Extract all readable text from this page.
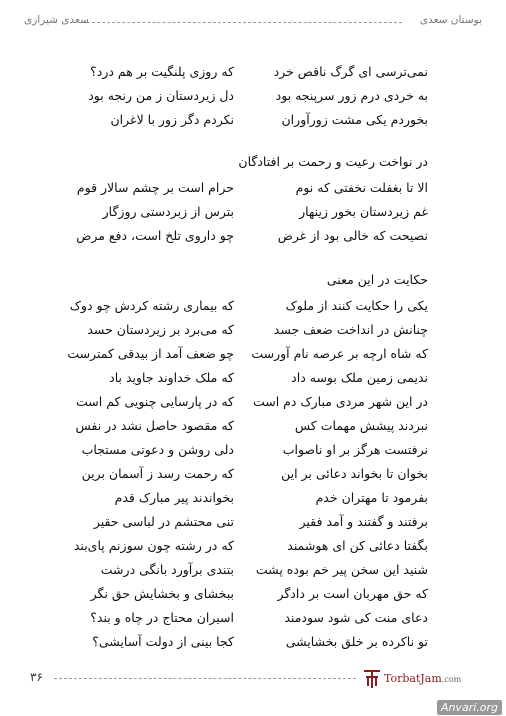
بوستان سعدی
سعدی شیرازی
نمی‌ترسی ای گرگ ناقص خرد
که روزی پلنگیت بر هم درد؟
به خردی درم زور سرپنجه بود
دل زیردستان ز من رنجه بود
بخوردم یکی مشت زورآوران
نکردم دگر زور با لاغران
در نواخت رعیت و رحمت بر افتادگان
الا تا بغفلت نخفتی که نوم
حرام است بر چشم سالار قوم
غم زیردستان بخور زینهار
بترس از زبردستی روزگار
نصیحت که خالی بود از غرض
چو داروی تلخ است، دفع مرض
حکایت در این معنی
یکی را حکایت کنند از ملوک
که بیماری رشته کردش چو دوک
چنانش در انداخت ضعف جسد
که می‌برد بر زیردستان حسد
که شاه ارچه بر عرصه نام آورست
چو ضعف آمد از بیدقی کمترست
ندیمی زمین ملک بوسه داد
که ملک خداوند جاوید باد
در این شهر مردی مبارک دم است
که در پارسایی چنویی کم است
نبردند پیشش مهمات کس
که مقصود حاصل نشد در نفس
نرفتست هرگز بر او ناصواب
دلی روشن و دعوتی مستجاب
بخوان تا بخواند دعائی بر این
که رحمت رسد ز آسمان برین
بفرمود تا مهتران خدم
بخواندند پیر مبارک قدم
برفتند و گفتند و آمد فقیر
تنی محتشم در لباسی حقیر
بگفتا دعائی کن ای هوشمند
که در رشته چون سوزنم پای‌بند
شنید این سخن پیر خم بوده پشت
بتندی برآورد بانگی درشت
که حق مهربان است بر دادگر
ببخشای و بخشایش حق نگر
دعای منت کی شود سودمند
اسیران محتاج در چاه و بند؟
تو ناکرده بر خلق بخشایشی
کجا بینی از دولت آسایشی؟
۳۶	TorbatJam.com
Anvari.org
